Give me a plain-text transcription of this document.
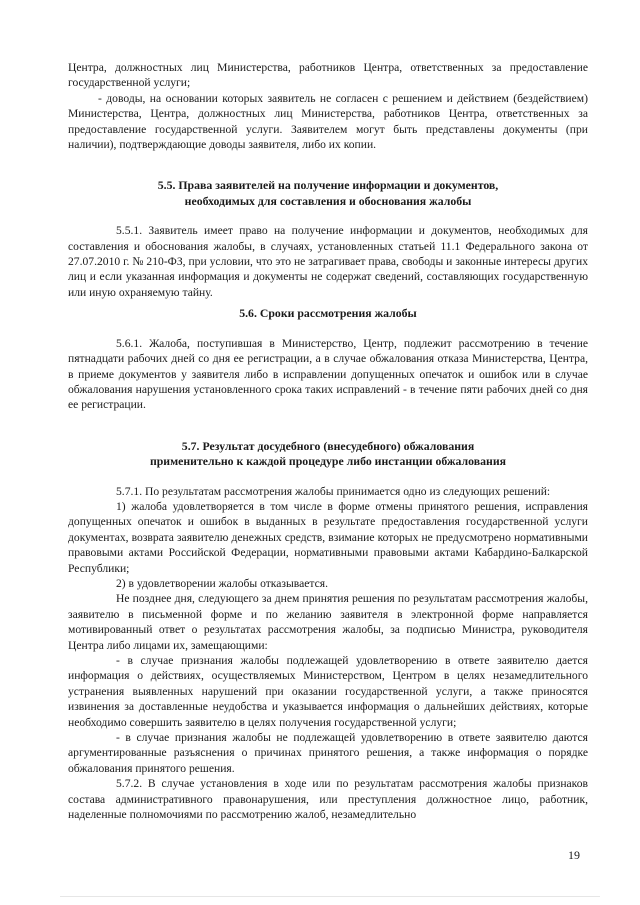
Центра, должностных лиц Министерства, работников Центра, ответственных за предоставление государственной услуги;

- доводы, на основании которых заявитель не согласен с решением и действием (бездействием) Министерства, Центра, должностных лиц Министерства, работников Центра, ответственных за предоставление государственной услуги. Заявителем могут быть представлены документы (при наличии), подтверждающие доводы заявителя, либо их копии.

5.5. Права заявителей на получение информации и документов,
необходимых для составления и обоснования жалобы

5.5.1. Заявитель имеет право на получение информации и документов, необходимых для составления и обоснования жалобы, в случаях, установленных статьей 11.1 Федерального закона от 27.07.2010 г. № 210-ФЗ, при условии, что это не затрагивает права, свободы и законные интересы других лиц и если указанная информация и документы не содержат сведений, составляющих государственную или иную охраняемую тайну.

5.6. Сроки рассмотрения жалобы

5.6.1. Жалоба, поступившая в Министерство, Центр, подлежит рассмотрению в течение пятнадцати рабочих дней со дня ее регистрации, а в случае обжалования отказа Министерства, Центра, в приеме документов у заявителя либо в исправлении допущенных опечаток и ошибок или в случае обжалования нарушения установленного срока таких исправлений - в течение пяти рабочих дней со дня ее регистрации.

5.7. Результат досудебного (внесудебного) обжалования
применительно к каждой процедуре либо инстанции обжалования

5.7.1. По результатам рассмотрения жалобы принимается одно из следующих решений:

1) жалоба удовлетворяется в том числе в форме отмены принятого решения, исправления допущенных опечаток и ошибок в выданных в результате предоставления государственной услуги документах, возврата заявителю денежных средств, взимание которых не предусмотрено нормативными правовыми актами Российской Федерации, нормативными правовыми актами Кабардино-Балкарской Республики;

2) в удовлетворении жалобы отказывается.

Не позднее дня, следующего за днем принятия решения по результатам рассмотрения жалобы, заявителю в письменной форме и по желанию заявителя в электронной форме направляется мотивированный ответ о результатах рассмотрения жалобы, за подписью Министра, руководителя Центра либо лицами их, замещающими:

- в случае признания жалобы подлежащей удовлетворению в ответе заявителю дается информация о действиях, осуществляемых Министерством, Центром в целях незамедлительного устранения выявленных нарушений при оказании государственной услуги, а также приносятся извинения за доставленные неудобства и указывается информация о дальнейших действиях, которые необходимо совершить заявителю в целях получения государственной услуги;

- в случае признания жалобы не подлежащей удовлетворению в ответе заявителю даются аргументированные разъяснения о причинах принятого решения, а также информация о порядке обжалования принятого решения.

5.7.2. В случае установления в ходе или по результатам рассмотрения жалобы признаков состава административного правонарушения, или преступления должностное лицо, работник, наделенные полномочиями по рассмотрению жалоб, незамедлительно

19
